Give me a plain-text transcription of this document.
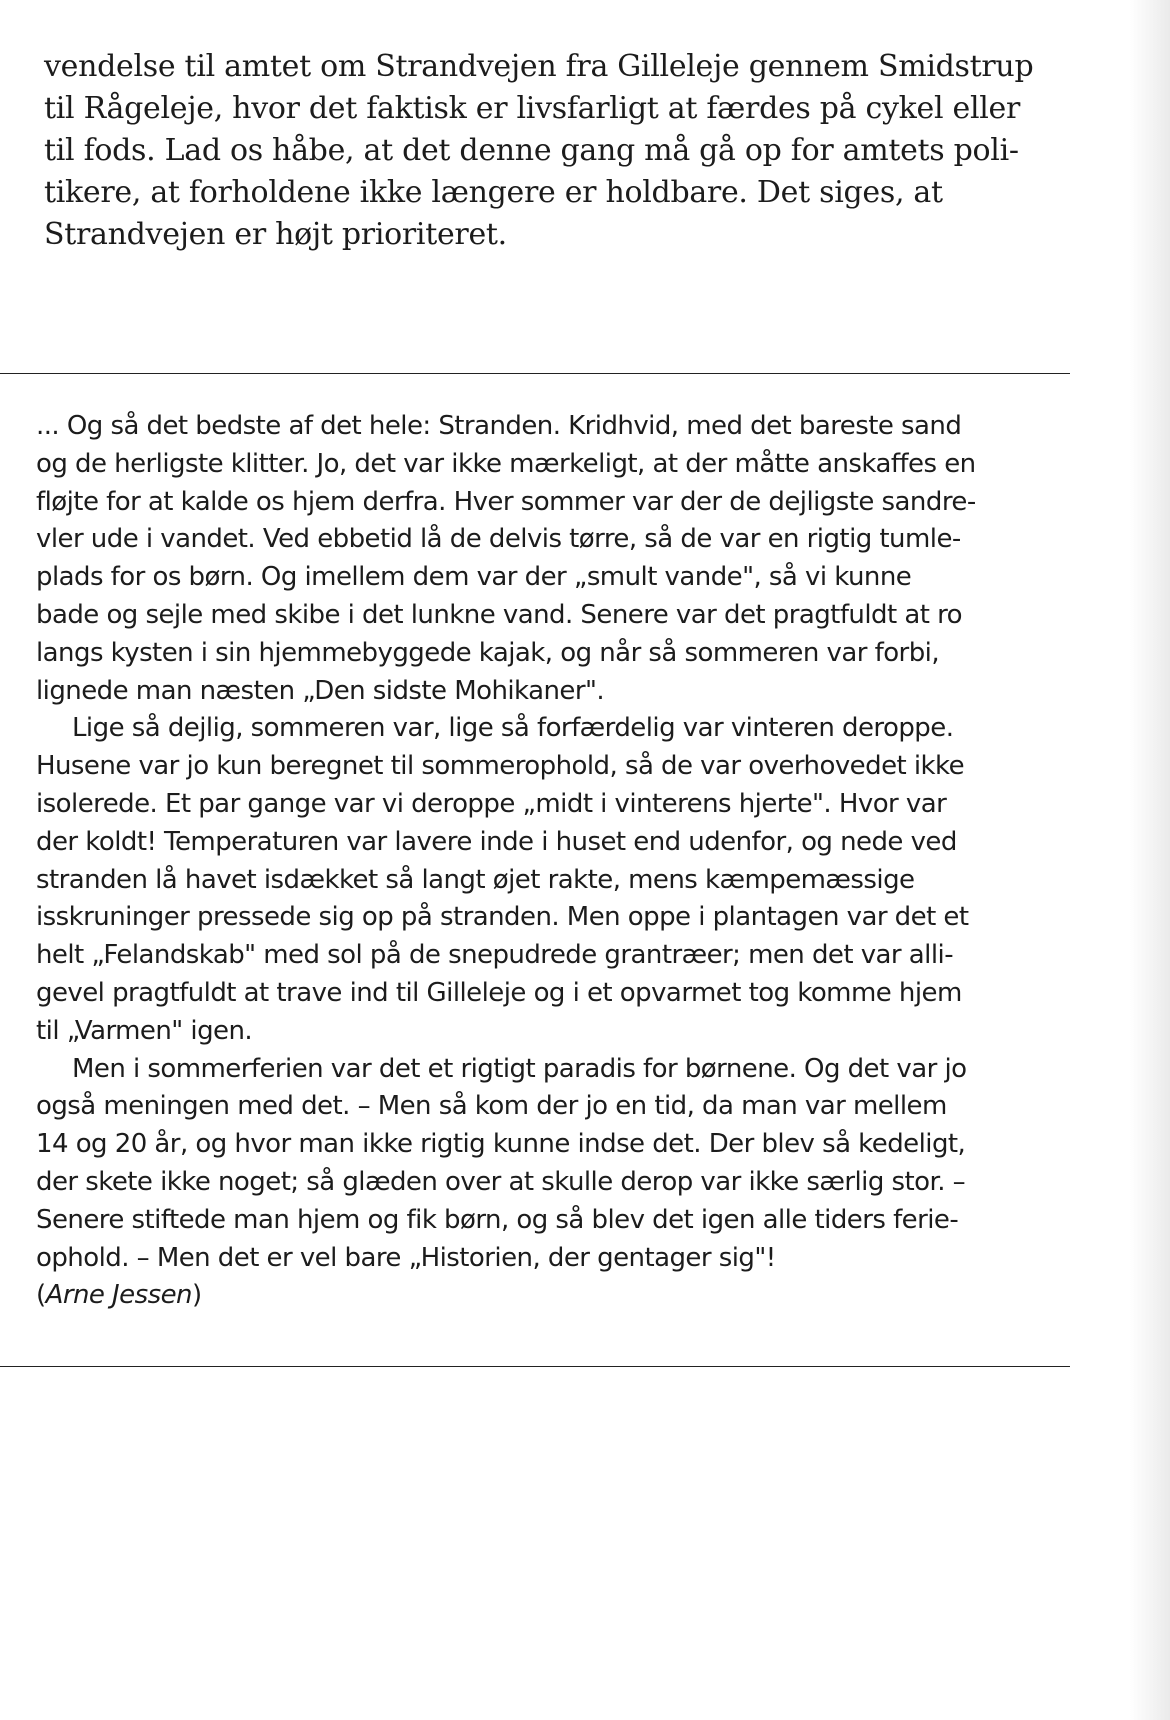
vendelse til amtet om Strandvejen fra Gilleleje gennem Smidstrup
til Rågeleje, hvor det faktisk er livsfarligt at færdes på cykel eller
til fods. Lad os håbe, at det denne gang må gå op for amtets poli-
tikere, at forholdene ikke længere er holdbare. Det siges, at
Strandvejen er højt prioriteret.
... Og så det bedste af det hele: Stranden. Kridhvid, med det bareste sand
og de herligste klitter. Jo, det var ikke mærkeligt, at der måtte anskaffes en
fløjte for at kalde os hjem derfra. Hver sommer var der de dejligste sandre-
vler ude i vandet. Ved ebbetid lå de delvis tørre, så de var en rigtig tumle-
plads for os børn. Og imellem dem var der „smult vande", så vi kunne
bade og sejle med skibe i det lunkne vand. Senere var det pragtfuldt at ro
langs kysten i sin hjemmebyggede kajak, og når så sommeren var forbi,
lignede man næsten „Den sidste Mohikaner".
Lige så dejlig, sommeren var, lige så forfærdelig var vinteren deroppe.
Husene var jo kun beregnet til sommerophold, så de var overhovedet ikke
isolerede. Et par gange var vi deroppe „midt i vinterens hjerte". Hvor var
der koldt! Temperaturen var lavere inde i huset end udenfor, og nede ved
stranden lå havet isdækket så langt øjet rakte, mens kæmpemæssige
isskruninger pressede sig op på stranden. Men oppe i plantagen var det et
helt „Felandskab" med sol på de snepudrede grantræer; men det var alli-
gevel pragtfuldt at trave ind til Gilleleje og i et opvarmet tog komme hjem
til „Varmen" igen.
Men i sommerferien var det et rigtigt paradis for børnene. Og det var jo
også meningen med det. – Men så kom der jo en tid, da man var mellem
14 og 20 år, og hvor man ikke rigtig kunne indse det. Der blev så kedeligt,
der skete ikke noget; så glæden over at skulle derop var ikke særlig stor. –
Senere stiftede man hjem og fik børn, og så blev det igen alle tiders ferie-
ophold. – Men det er vel bare „Historien, der gentager sig"!
(Arne Jessen)
